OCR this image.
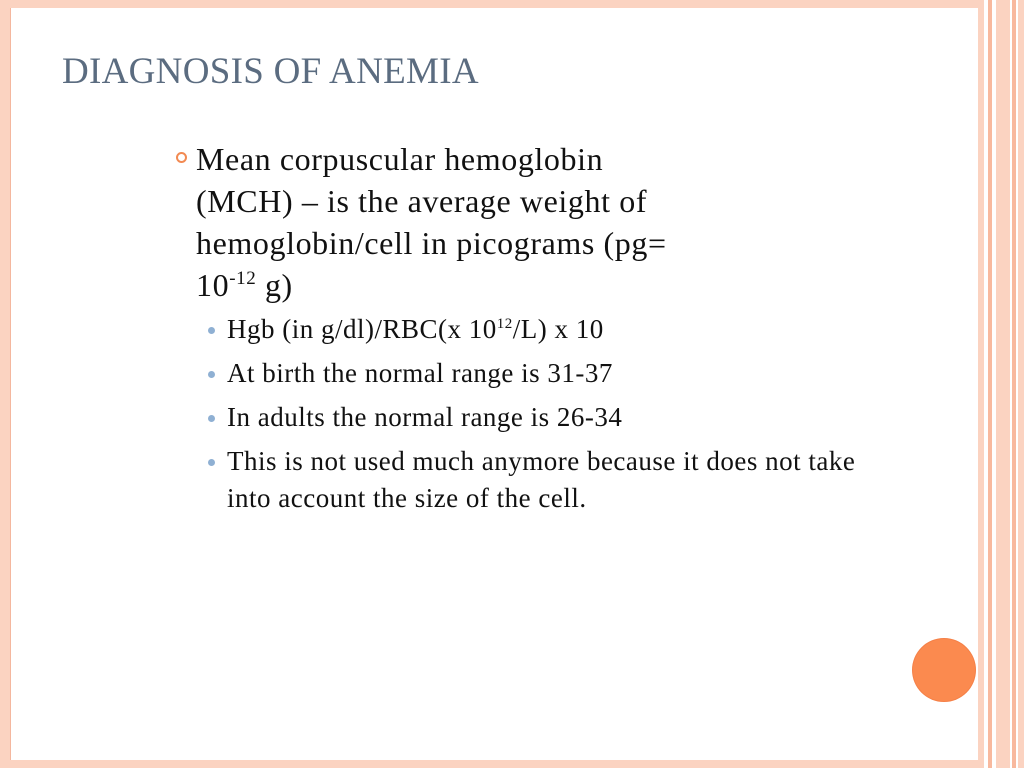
DIAGNOSIS OF ANEMIA
Mean corpuscular hemoglobin
(MCH) – is the average weight of
hemoglobin/cell in picograms (pg=
$10^{-12}$ g)
Hgb (in g/dl)/RBC(x $10^{12}/L$) x 10
At birth the normal range is 31-37
In adults the normal range is 26-34
This is not used much anymore because it does not take into account the size of the cell.
